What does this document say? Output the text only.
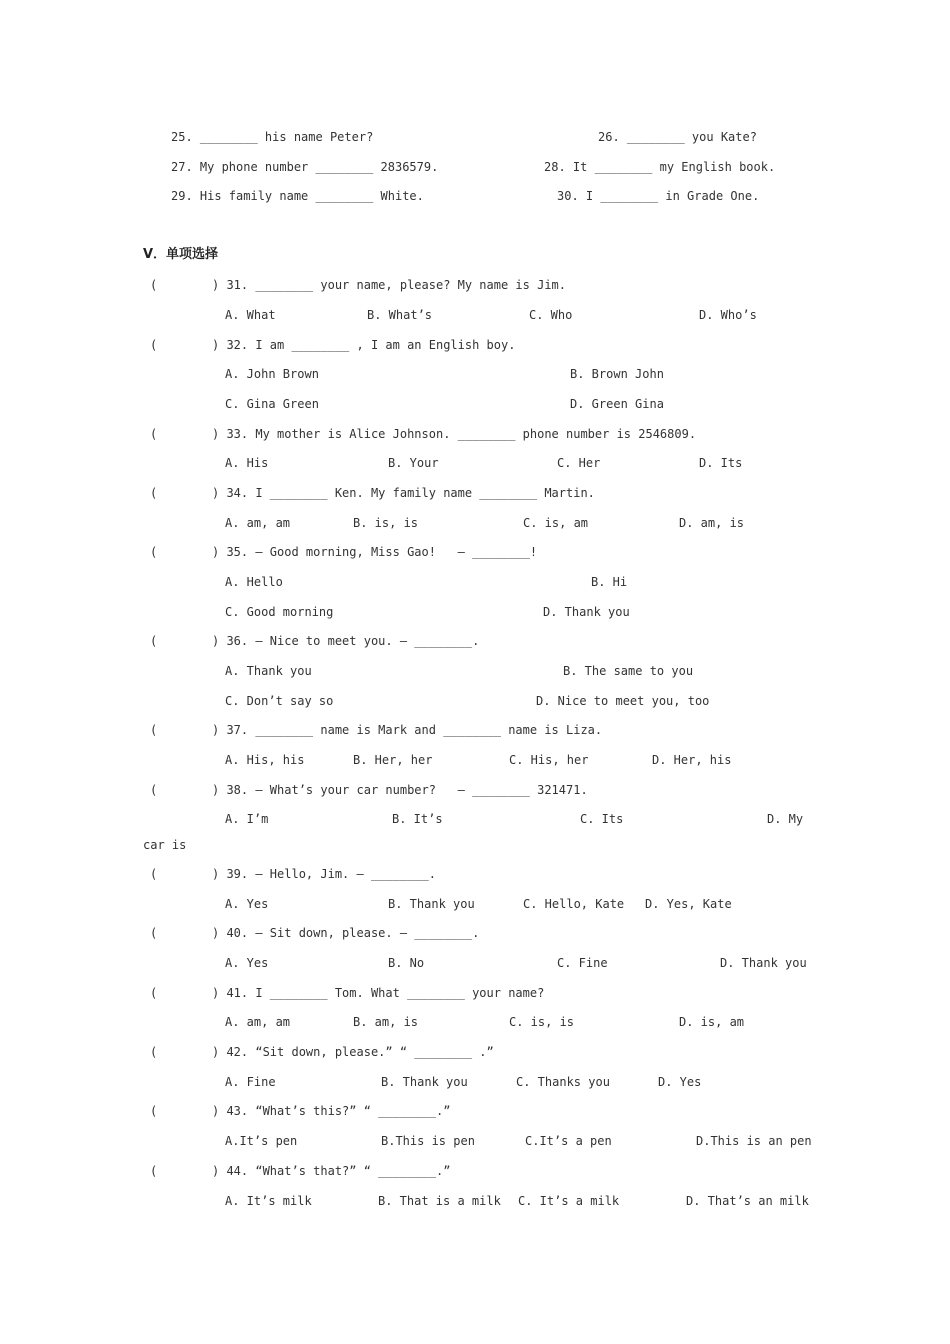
25. ________ his name Peter?	26. ________ you Kate?
27. My phone number ________ 2836579.	28. It ________ my English book.
29. His family name ________ White.	30. I ________ in Grade One.
V．单项选择
(	) 31. ________ your name, please? My name is Jim.
A. What	B. What’s	C. Who	D. Who’s
(	) 32. I am ________ , I am an English boy.
A. John Brown	B. Brown John
C. Gina Green	D. Green Gina
(	) 33. My mother is Alice Johnson. ________ phone number is 2546809.
A. His	B. Your	C. Her	D. Its
(	) 34. I ________ Ken. My family name ________ Martin.
A. am, am	B. is, is	C. is, am	D. am, is
(	) 35. — Good morning, Miss Gao!   — ________!
A. Hello	B. Hi
C. Good morning	D. Thank you
(	) 36. — Nice to meet you. — ________.
A. Thank you	B. The same to you
C. Don’t say so	D. Nice to meet you, too
(	) 37. ________ name is Mark and ________ name is Liza.
A. His, his	B. Her, her	C. His, her	D. Her, his
(	) 38. — What’s your car number?   — ________ 321471.
A. I’m	B. It’s	C. Its	D. My
car is
(	) 39. — Hello, Jim. — ________.
A. Yes	B. Thank you	C. Hello, Kate D. Yes, Kate
(	) 40. — Sit down, please. — ________.
A. Yes	B. No	C. Fine	D. Thank you
(	) 41. I ________ Tom. What ________ your name?
A. am, am	B. am, is	C. is, is	D. is, am
(	) 42. “Sit down, please.” “ ________ .”
A. Fine	B. Thank you	C. Thanks you	D. Yes
(	) 43. “What’s this?” “ ________.”
A.It’s pen	B.This is pen	C.It’s a pen	D.This is an pen
(	) 44. “What’s that?” “ ________.”
A. It’s milk	B. That is a milk C. It’s a milk	D. That’s an milk
